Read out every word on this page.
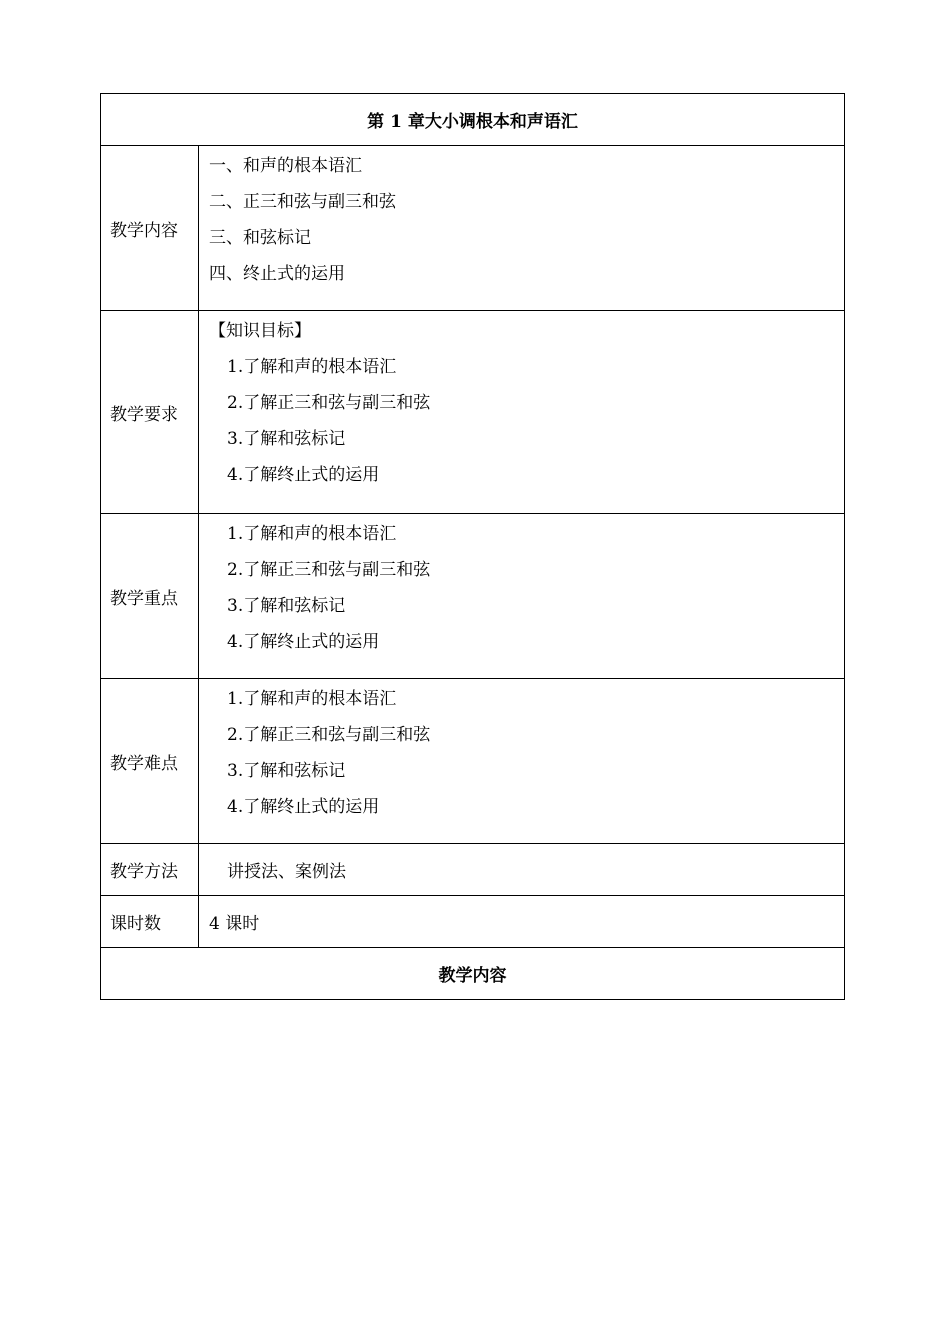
第 1 章大小调根本和声语汇	
教学内容	一、和声的根本语汇
二、正三和弦与副三和弦
三、和弦标记
四、终止式的运用

教学要求	【知识目标】
1.了解和声的根本语汇
2.了解正三和弦与副三和弦
3.了解和弦标记
4.了解终止式的运用

教学重点	1.了解和声的根本语汇
2.了解正三和弦与副三和弦
3.了解和弦标记
4.了解终止式的运用

教学难点	1.了解和声的根本语汇
2.了解正三和弦与副三和弦
3.了解和弦标记
4.了解终止式的运用

教学方法	讲授法、案例法
课时数	4 课时
教学内容	
